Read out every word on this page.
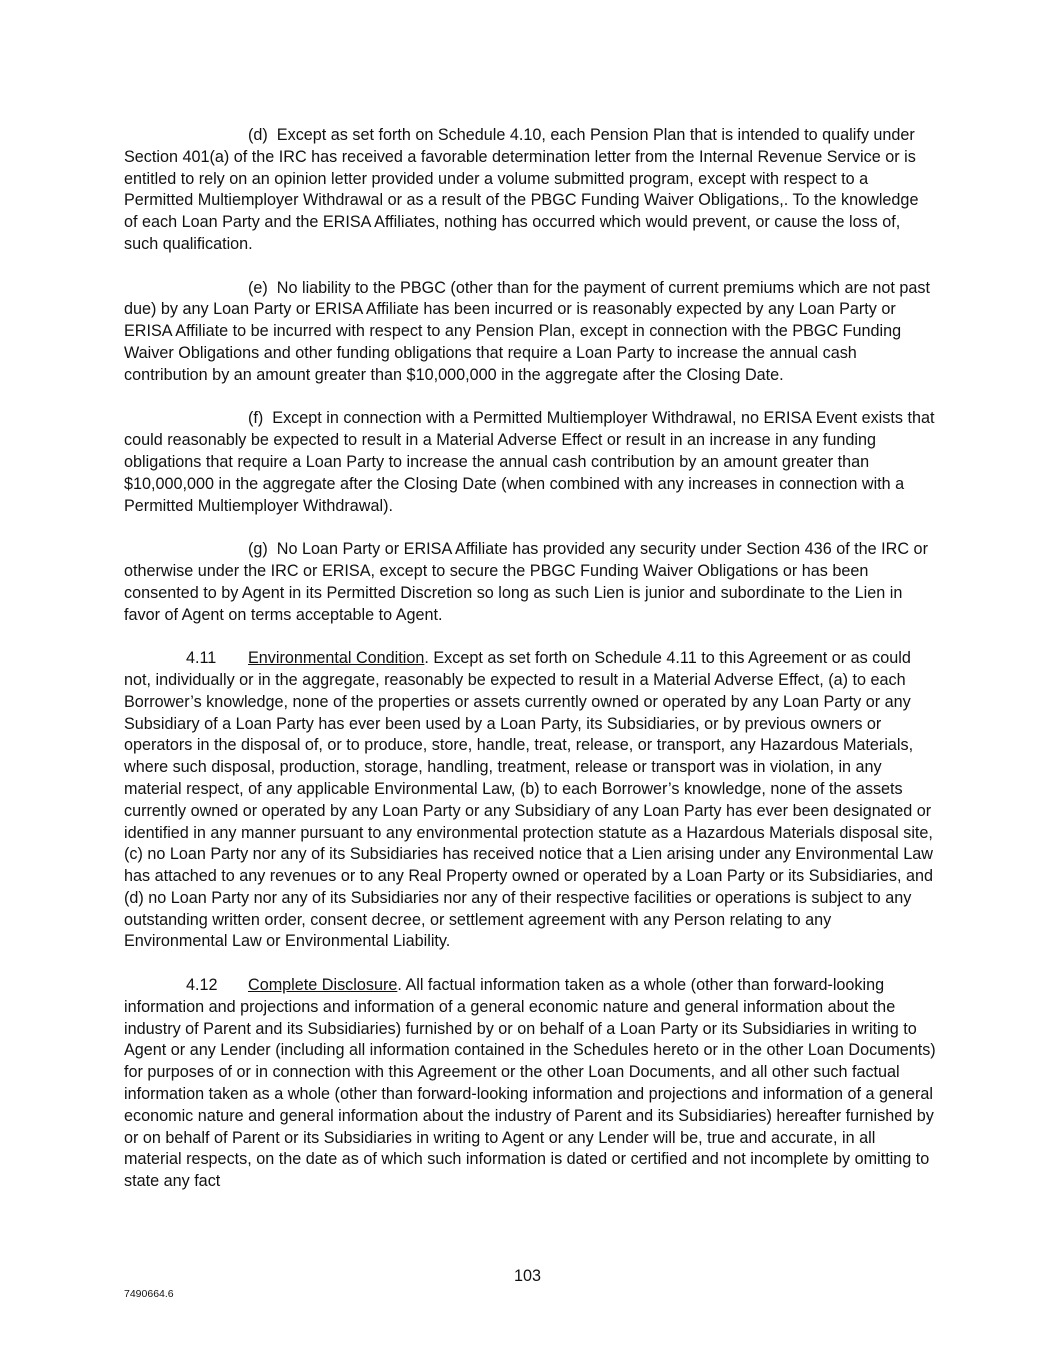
(d) Except as set forth on Schedule 4.10, each Pension Plan that is intended to qualify under Section 401(a) of the IRC has received a favorable determination letter from the Internal Revenue Service or is entitled to rely on an opinion letter provided under a volume submitted program, except with respect to a Permitted Multiemployer Withdrawal or as a result of the PBGC Funding Waiver Obligations,. To the knowledge of each Loan Party and the ERISA Affiliates, nothing has occurred which would prevent, or cause the loss of, such qualification.

(e) No liability to the PBGC (other than for the payment of current premiums which are not past due) by any Loan Party or ERISA Affiliate has been incurred or is reasonably expected by any Loan Party or ERISA Affiliate to be incurred with respect to any Pension Plan, except in connection with the PBGC Funding Waiver Obligations and other funding obligations that require a Loan Party to increase the annual cash contribution by an amount greater than $10,000,000 in the aggregate after the Closing Date.

(f) Except in connection with a Permitted Multiemployer Withdrawal, no ERISA Event exists that could reasonably be expected to result in a Material Adverse Effect or result in an increase in any funding obligations that require a Loan Party to increase the annual cash contribution by an amount greater than $10,000,000 in the aggregate after the Closing Date (when combined with any increases in connection with a Permitted Multiemployer Withdrawal).

(g) No Loan Party or ERISA Affiliate has provided any security under Section 436 of the IRC or otherwise under the IRC or ERISA, except to secure the PBGC Funding Waiver Obligations or has been consented to by Agent in its Permitted Discretion so long as such Lien is junior and subordinate to the Lien in favor of Agent on terms acceptable to Agent.

4.11 Environmental Condition. Except as set forth on Schedule 4.11 to this Agreement or as could not, individually or in the aggregate, reasonably be expected to result in a Material Adverse Effect, (a) to each Borrower’s knowledge, none of the properties or assets currently owned or operated by any Loan Party or any Subsidiary of a Loan Party has ever been used by a Loan Party, its Subsidiaries, or by previous owners or operators in the disposal of, or to produce, store, handle, treat, release, or transport, any Hazardous Materials, where such disposal, production, storage, handling, treatment, release or transport was in violation, in any material respect, of any applicable Environmental Law, (b) to each Borrower’s knowledge, none of the assets currently owned or operated by any Loan Party or any Subsidiary of any Loan Party has ever been designated or identified in any manner pursuant to any environmental protection statute as a Hazardous Materials disposal site, (c) no Loan Party nor any of its Subsidiaries has received notice that a Lien arising under any Environmental Law has attached to any revenues or to any Real Property owned or operated by a Loan Party or its Subsidiaries, and (d) no Loan Party nor any of its Subsidiaries nor any of their respective facilities or operations is subject to any outstanding written order, consent decree, or settlement agreement with any Person relating to any Environmental Law or Environmental Liability.

4.12 Complete Disclosure. All factual information taken as a whole (other than forward-looking information and projections and information of a general economic nature and general information about the industry of Parent and its Subsidiaries) furnished by or on behalf of a Loan Party or its Subsidiaries in writing to Agent or any Lender (including all information contained in the Schedules hereto or in the other Loan Documents) for purposes of or in connection with this Agreement or the other Loan Documents, and all other such factual information taken as a whole (other than forward-looking information and projections and information of a general economic nature and general information about the industry of Parent and its Subsidiaries) hereafter furnished by or on behalf of Parent or its Subsidiaries in writing to Agent or any Lender will be, true and accurate, in all material respects, on the date as of which such information is dated or certified and not incomplete by omitting to state any fact

103
7490664.6
